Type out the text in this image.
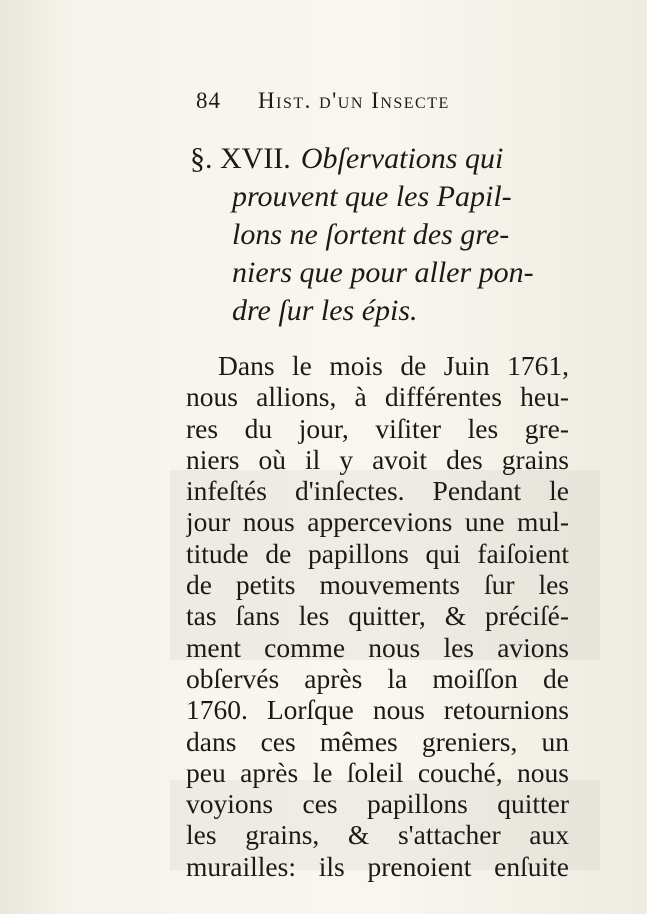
84 Hist. d'un Insecte
§. XVII. Obſervations qui
prouvent que les Papil-
lons ne ſortent des gre-
niers que pour aller pon-
dre ſur les épis.
Dans le mois de Juin 1761,
nous allions, à différentes heu-
res du jour, viſiter les gre-
niers où il y avoit des grains
infeſtés d'inſectes. Pendant le
jour nous appercevions une mul-
titude de papillons qui faiſoient
de petits mouvements ſur les
tas ſans les quitter, & préciſé-
ment comme nous les avions
obſervés après la moiſſon de
1760. Lorſque nous retournions
dans ces mêmes greniers, un
peu après le ſoleil couché, nous
voyions ces papillons quitter
les grains, & s'attacher aux
murailles: ils prenoient enſuite
